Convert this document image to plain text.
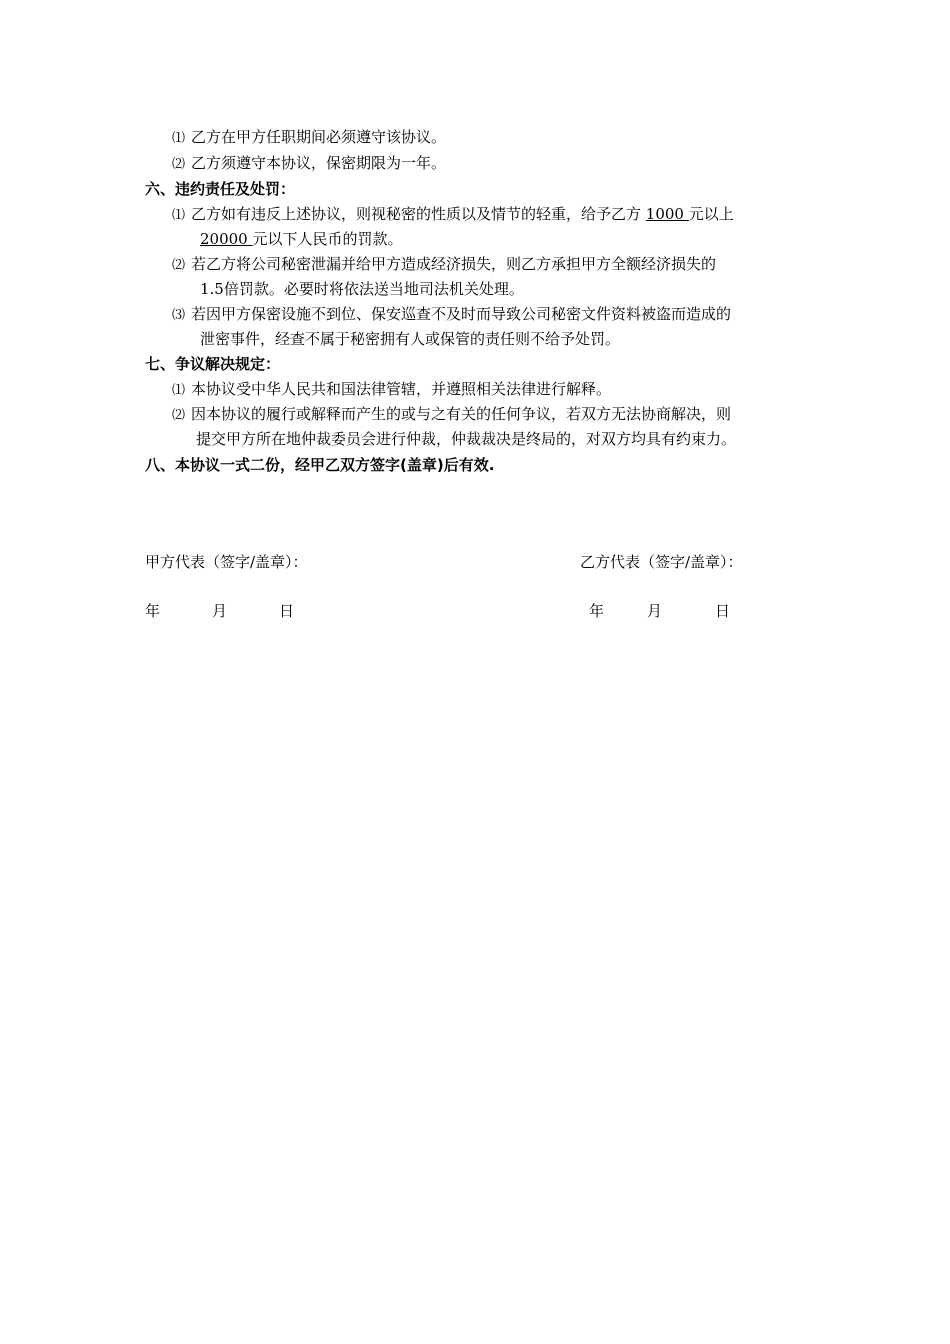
⑴ 乙方在甲方任职期间必须遵守该协议。
⑵ 乙方须遵守本协议，保密期限为一年。
六、违约责任及处罚：
⑴ 乙方如有违反上述协议，则视秘密的性质以及情节的轻重，给予乙方 1000 元以上
20000 元以下人民币的罚款。
⑵ 若乙方将公司秘密泄漏并给甲方造成经济损失，则乙方承担甲方全额经济损失的
1.5倍罚款。必要时将依法送当地司法机关处理。
⑶ 若因甲方保密设施不到位、保安巡查不及时而导致公司秘密文件资料被盗而造成的
泄密事件，经查不属于秘密拥有人或保管的责任则不给予处罚。
七、争议解决规定：
⑴ 本协议受中华人民共和国法律管辖，并遵照相关法律进行解释。
⑵ 因本协议的履行或解释而产生的或与之有关的任何争议，若双方无法协商解决，则
提交甲方所在地仲裁委员会进行仲裁，仲裁裁决是终局的，对双方均具有约束力。
八、本协议一式二份，经甲乙双方签字(盖章)后有效.
甲方代表（签字/盖章）：	乙方代表（签字/盖章）：
年	月	日	年	月	日
